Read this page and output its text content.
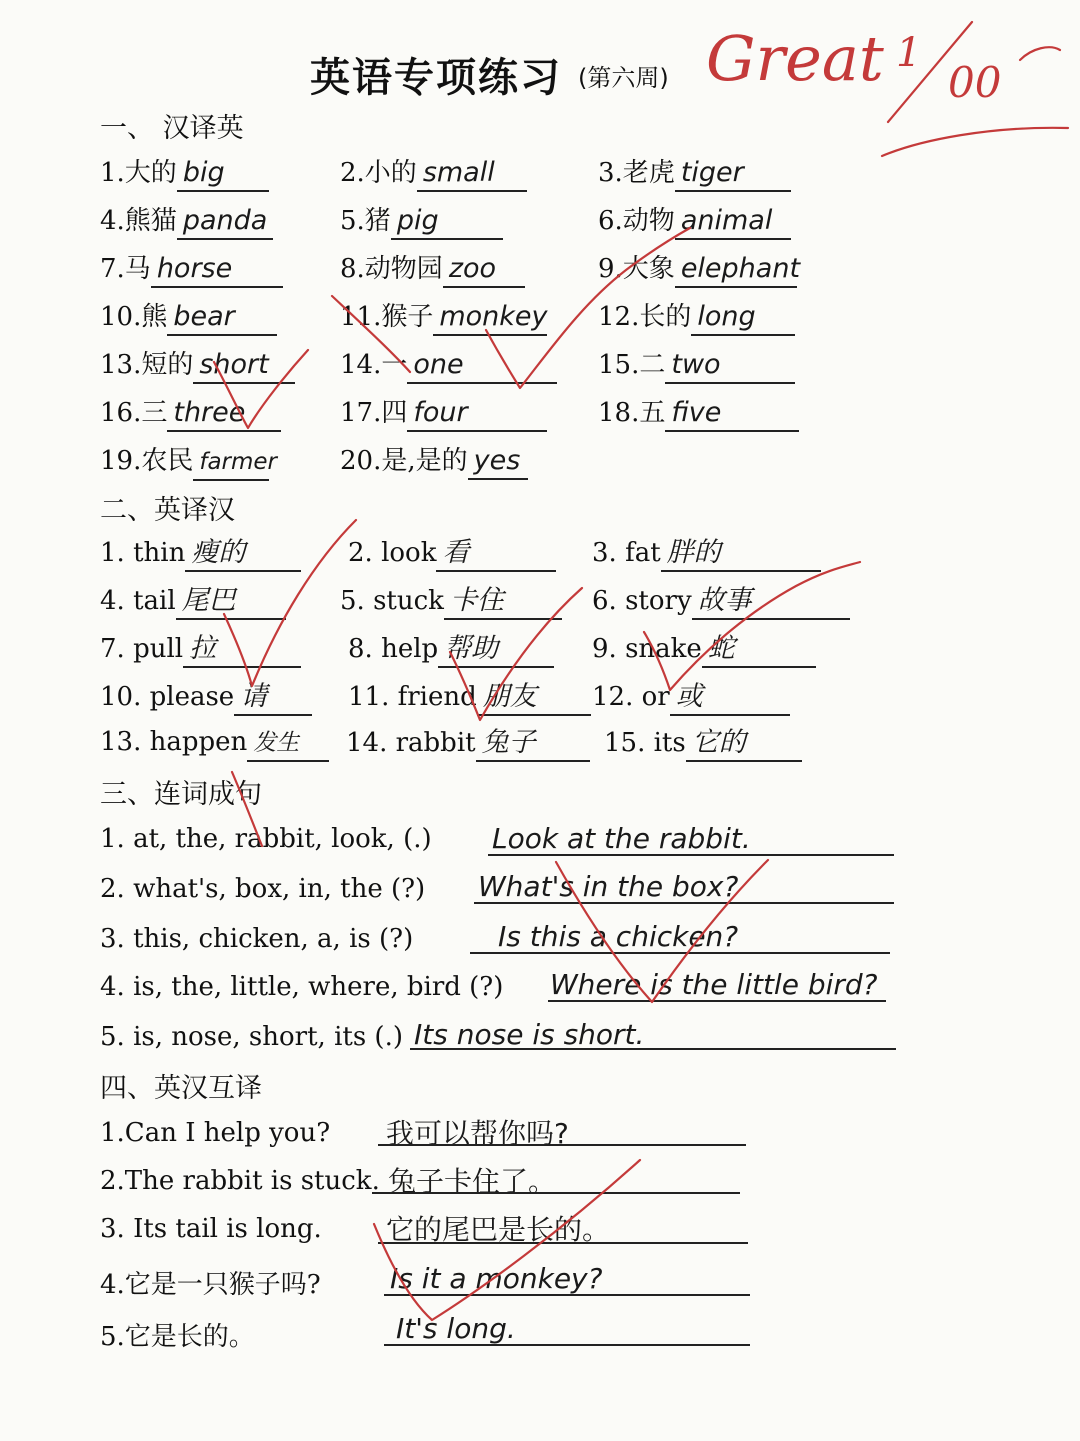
英语专项练习 (第六周) Great 1
00
一、 汉译英
1.大的 big	2.小的 small	3.老虎 tiger
4.熊猫 panda	5.猪 pig	6.动物 animal
7.马 horse	8.动物园 zoo	9.大象 elephant
10.熊 bear	11.猴子 monkey 12.长的 long
13.短的 short	14.一 one	15.二 two
16.三 three	17.四 four	18.五 five
19.农民 farmer 20.是,是的 yes
二、英译汉
1. thin 瘦的	2. look 看	3. fat 胖的
4. tail 尾巴	5. stuck 卡住	6. story 故事
7. pull 拉	8. help 帮助	9. snake 蛇
10. please 请	11. friend 朋友	12. or 或
13. happen 发生	14. rabbit 兔子	15. its 它的
三、连词成句
1. at, the, rabbit, look, (.) Look at the rabbit.
2. what's, box, in, the (?) What's in the box?
3. this, chicken, a, is (?)	Is this a chicken?
4. is, the, little, where, bird (?) Where is the little bird?
5. is, nose, short, its (.) Its nose is short.
四、英汉互译
1.Can I help you? 我可以帮你吗?
2.The rabbit is stuck. 兔子卡住了。
3. Its tail is long. 它的尾巴是长的。
4.它是一只猴子吗? Is it a monkey?
5.它是长的。	It's long.
